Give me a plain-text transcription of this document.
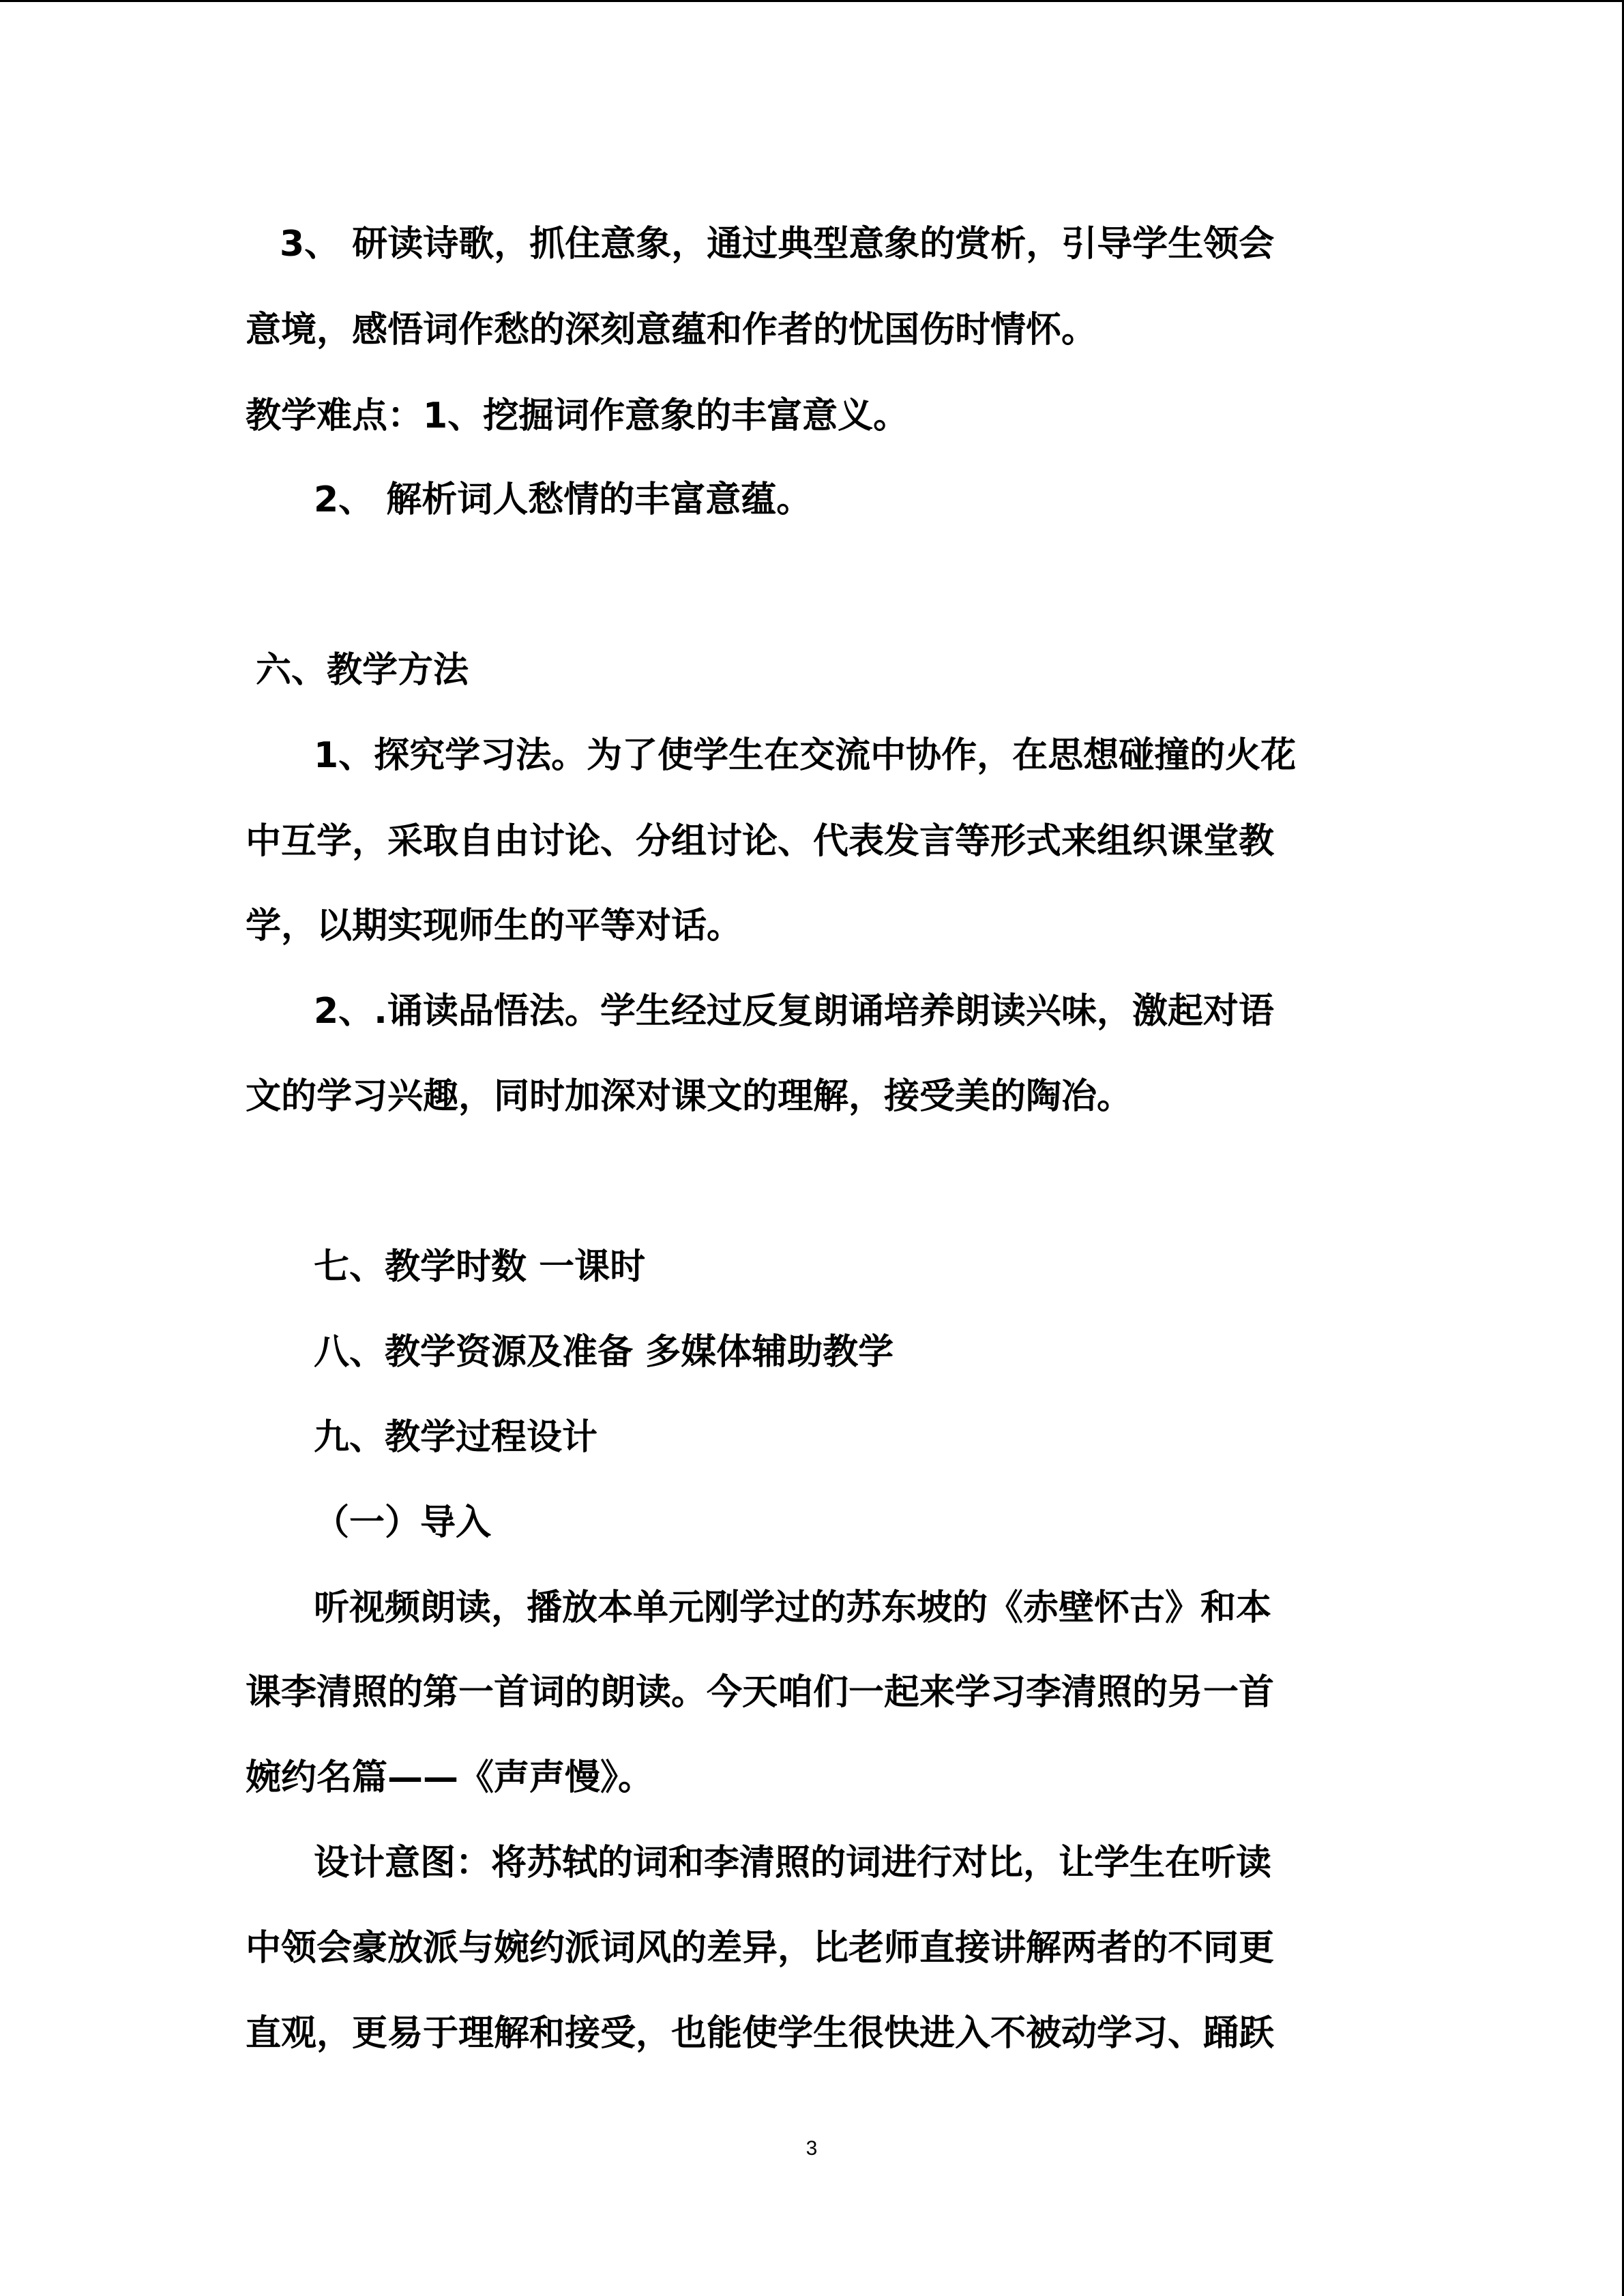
3、 研读诗歌，抓住意象，通过典型意象的赏析，引导学生领会
意境，感悟词作愁的深刻意蕴和作者的忧国伤时情怀。
教学难点：1、挖掘词作意象的丰富意义。
2、 解析词人愁情的丰富意蕴。
六、教学方法
1、探究学习法。为了使学生在交流中协作，在思想碰撞的火花
中互学，采取自由讨论、分组讨论、代表发言等形式来组织课堂教
学，以期实现师生的平等对话。
2、.诵读品悟法。学生经过反复朗诵培养朗读兴味，激起对语
文的学习兴趣，同时加深对课文的理解，接受美的陶冶。
七、教学时数 一课时
八、教学资源及准备 多媒体辅助教学
九、教学过程设计
（一）导入
听视频朗读，播放本单元刚学过的苏东坡的《赤壁怀古》和本
课李清照的第一首词的朗读。今天咱们一起来学习李清照的另一首
婉约名篇——《声声慢》。
设计意图：将苏轼的词和李清照的词进行对比，让学生在听读
中领会豪放派与婉约派词风的差异，比老师直接讲解两者的不同更
直观，更易于理解和接受，也能使学生很快进入不被动学习、踊跃
3
